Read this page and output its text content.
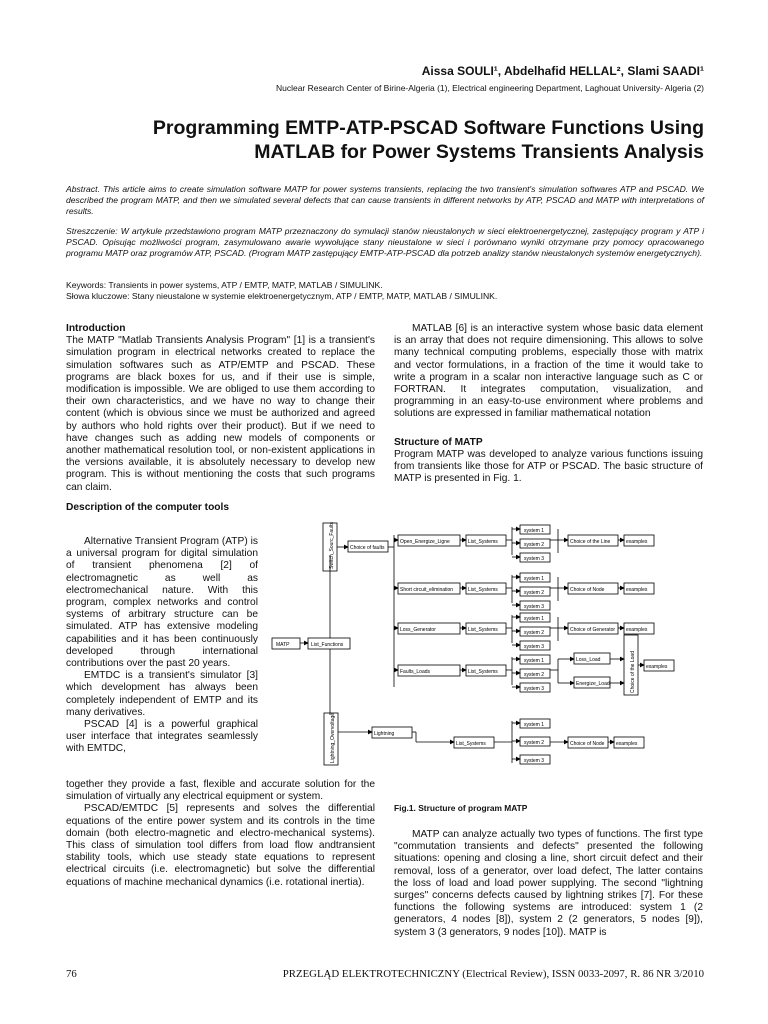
Aissa SOULI¹, Abdelhafid HELLAL², Slami SAADI¹
Nuclear Research Center of Birine-Algeria (1), Electrical engineering Department, Laghouat University- Algeria (2)
Programming EMTP-ATP-PSCAD Software Functions Using
MATLAB for Power Systems Transients Analysis
Abstract. This article aims to create simulation software MATP for power systems transients, replacing the two transient's simulation softwares ATP and PSCAD. We described the program MATP, and then we simulated several defects that can cause transients in different networks by ATP, PSCAD and MATP with interpretations of results.
Streszczenie: W artykule przedstawiono program MATP przeznaczony do symulacji stanów nieustalonych w sieci elektroenergetycznej, zastępujący program y ATP i PSCAD. Opisując możliwości program, zasymulowano awarie wywołujące stany nieustalone w sieci i porównano wyniki otrzymane przy pomocy opracowanego programu MATP oraz programów ATP, PSCAD. (Program MATP zastępujący EMTP-ATP-PSCAD dla potrzeb analizy stanów nieustalonych systemów energetycznych).
Keywords: Transients in power systems, ATP / EMTP, MATP, MATLAB / SIMULINK.
Słowa kluczowe: Stany nieustalone w systemie elektroenergetycznym, ATP / EMTP, MATP, MATLAB / SIMULINK.
Introduction

The MATP "Matlab Transients Analysis Program" [1] is a transient's simulation program in electrical networks created to replace the simulation softwares such as ATP/EMTP and PSCAD. These programs are black boxes for us, and if their use is simple, modification is impossible. We are obliged to use them according to their own characteristics, and we have no way to change their content (which is obvious since we must be authorized and agreed by authors who hold rights over their product). But if we need to have changes such as adding new models of components or another mathematical resolution tool, or non-existent applications in the versions available, it is absolutely necessary to develop new program. This is without mentioning the costs that such programs can claim.

Description of the computer tools

Alternative Transient Program (ATP) is a universal program for digital simulation of transient phenomena [2] of electromagnetic as well as electromechanical nature. With this program, complex networks and control systems of arbitrary structure can be simulated. ATP has extensive modeling capabilities and it has been continuously developed through international contributions over the past 20 years.

EMTDC is a transient's simulator [3] which development has always been completely independent of EMTP and its many derivatives.

PSCAD [4] is a powerful graphical user interface that integrates seamlessly with EMTDC,

together they provide a fast, flexible and accurate solution for the simulation of virtually any electrical equipment or system.

PSCAD/EMTDC [5] represents and solves the differential equations of the entire power system and its controls in the time domain (both electro-magnetic and electro-mechanical systems). This class of simulation tool differs from load flow andtransient stability tools, which use steady state equations to represent electrical circuits (i.e. electromagnetic) but solve the differential equations of machine mechanical dynamics (i.e. rotational inertia).

MATLAB [6] is an interactive system whose basic data element is an array that does not require dimensioning. This allows to solve many technical computing problems, especially those with matrix and vector formulations, in a fraction of the time it would take to write a program in a scalar non interactive language such as C or FORTRAN. It integrates computation, visualization, and programming in an easy-to-use environment where problems and solutions are expressed in familiar mathematical notation

Structure of MATP

Program MATP was developed to analyze various functions issuing from transients like those for ATP or PSCAD. The basic structure of MATP is presented in Fig. 1.

MATP	List_Functions
Switch_Sourc_Faults	Choice of faults
Lightning_Overvoltage
Open_Energize_Ligne	List_Systems
system 1
system 2
system 3
Choice of the Line	examples
Short circuit_elimination	List_Systems
system 1
system 2
system 3
Choice of Node	examples
Loss_Generator	List_Systems
system 1
system 2
system 3
Choice of Generator examples
Faults_Loads	List_Systems
system 1
system 2
system 3
Loss_Load
Energize_Load	Choice of the Load examples
Lightning
List_Systems
system 1
system 2
system 3
Choice of Node examples
Fig.1. Structure of program MATP

MATP can analyze actually two types of functions. The first type "commutation transients and defects" presented the following situations: opening and closing a line, short circuit defect and their removal, loss of a generator, over load defect, The latter contains the loss of load and load power supplying. The second "lightning surges" concerns defects caused by lightning strikes [7]. For these functions the following systems are introduced: system 1 (2 generators, 4 nodes [8]), system 2 (2 generators, 5 nodes [9]), system 3 (3 generators, 9 nodes [10]). MATP is

76	PRZEGLĄD ELEKTROTECHNICZNY (Electrical Review), ISSN 0033-2097, R. 86 NR 3/2010
